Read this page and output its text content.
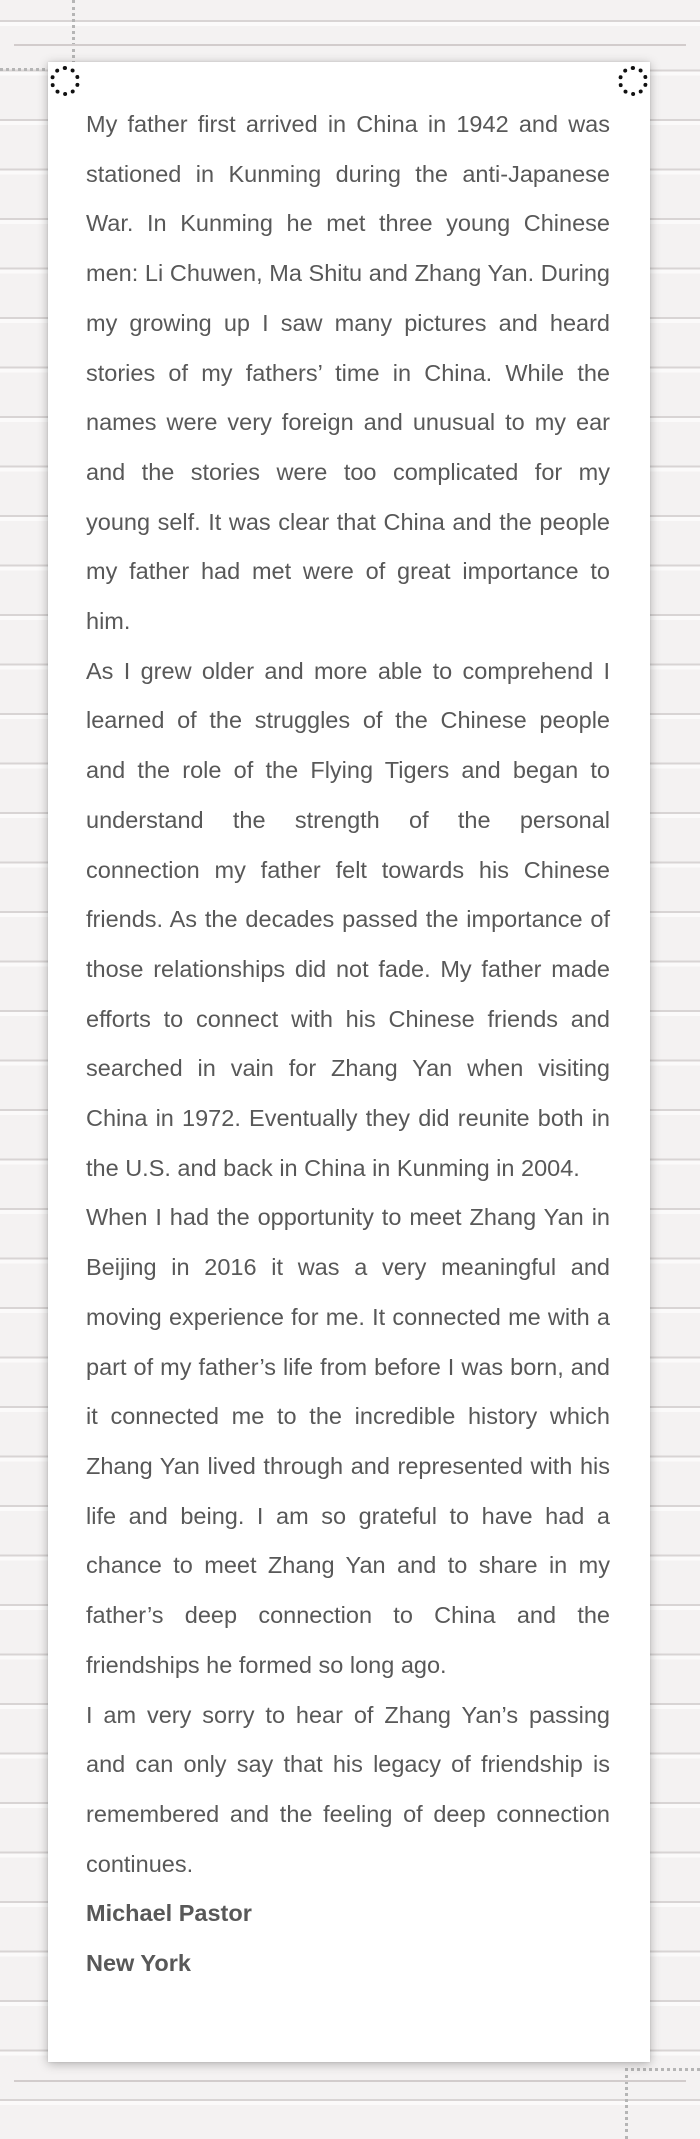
My father first arrived in China in 1942 and was stationed in Kunming during the anti-Japanese War. In Kunming he met three young Chinese men: Li Chuwen, Ma Shitu and Zhang Yan. During my growing up I saw many pictures and heard stories of my fathers’ time in China. While the names were very foreign and unusual to my ear and the stories were too complicated for my young self. It was clear that China and the people my father had met were of great importance to him.

As I grew older and more able to comprehend I learned of the struggles of the Chinese people and the role of the Flying Tigers and began to understand the strength of the personal connection my father felt towards his Chinese friends. As the decades passed the importance of those relationships did not fade. My father made efforts to connect with his Chinese friends and searched in vain for Zhang Yan when visiting China in 1972. Eventually they did reunite both in the U.S. and back in China in Kunming in 2004.

When I had the opportunity to meet Zhang Yan in Beijing in 2016 it was a very meaningful and moving experience for me. It connected me with a part of my father’s life from before I was born, and it connected me to the incredible history which Zhang Yan lived through and represented with his life and being. I am so grateful to have had a chance to meet Zhang Yan and to share in my father’s deep connection to China and the friendships he formed so long ago.

I am very sorry to hear of Zhang Yan’s passing and can only say that his legacy of friendship is remembered and the feeling of deep connection continues.

Michael Pastor

New York
